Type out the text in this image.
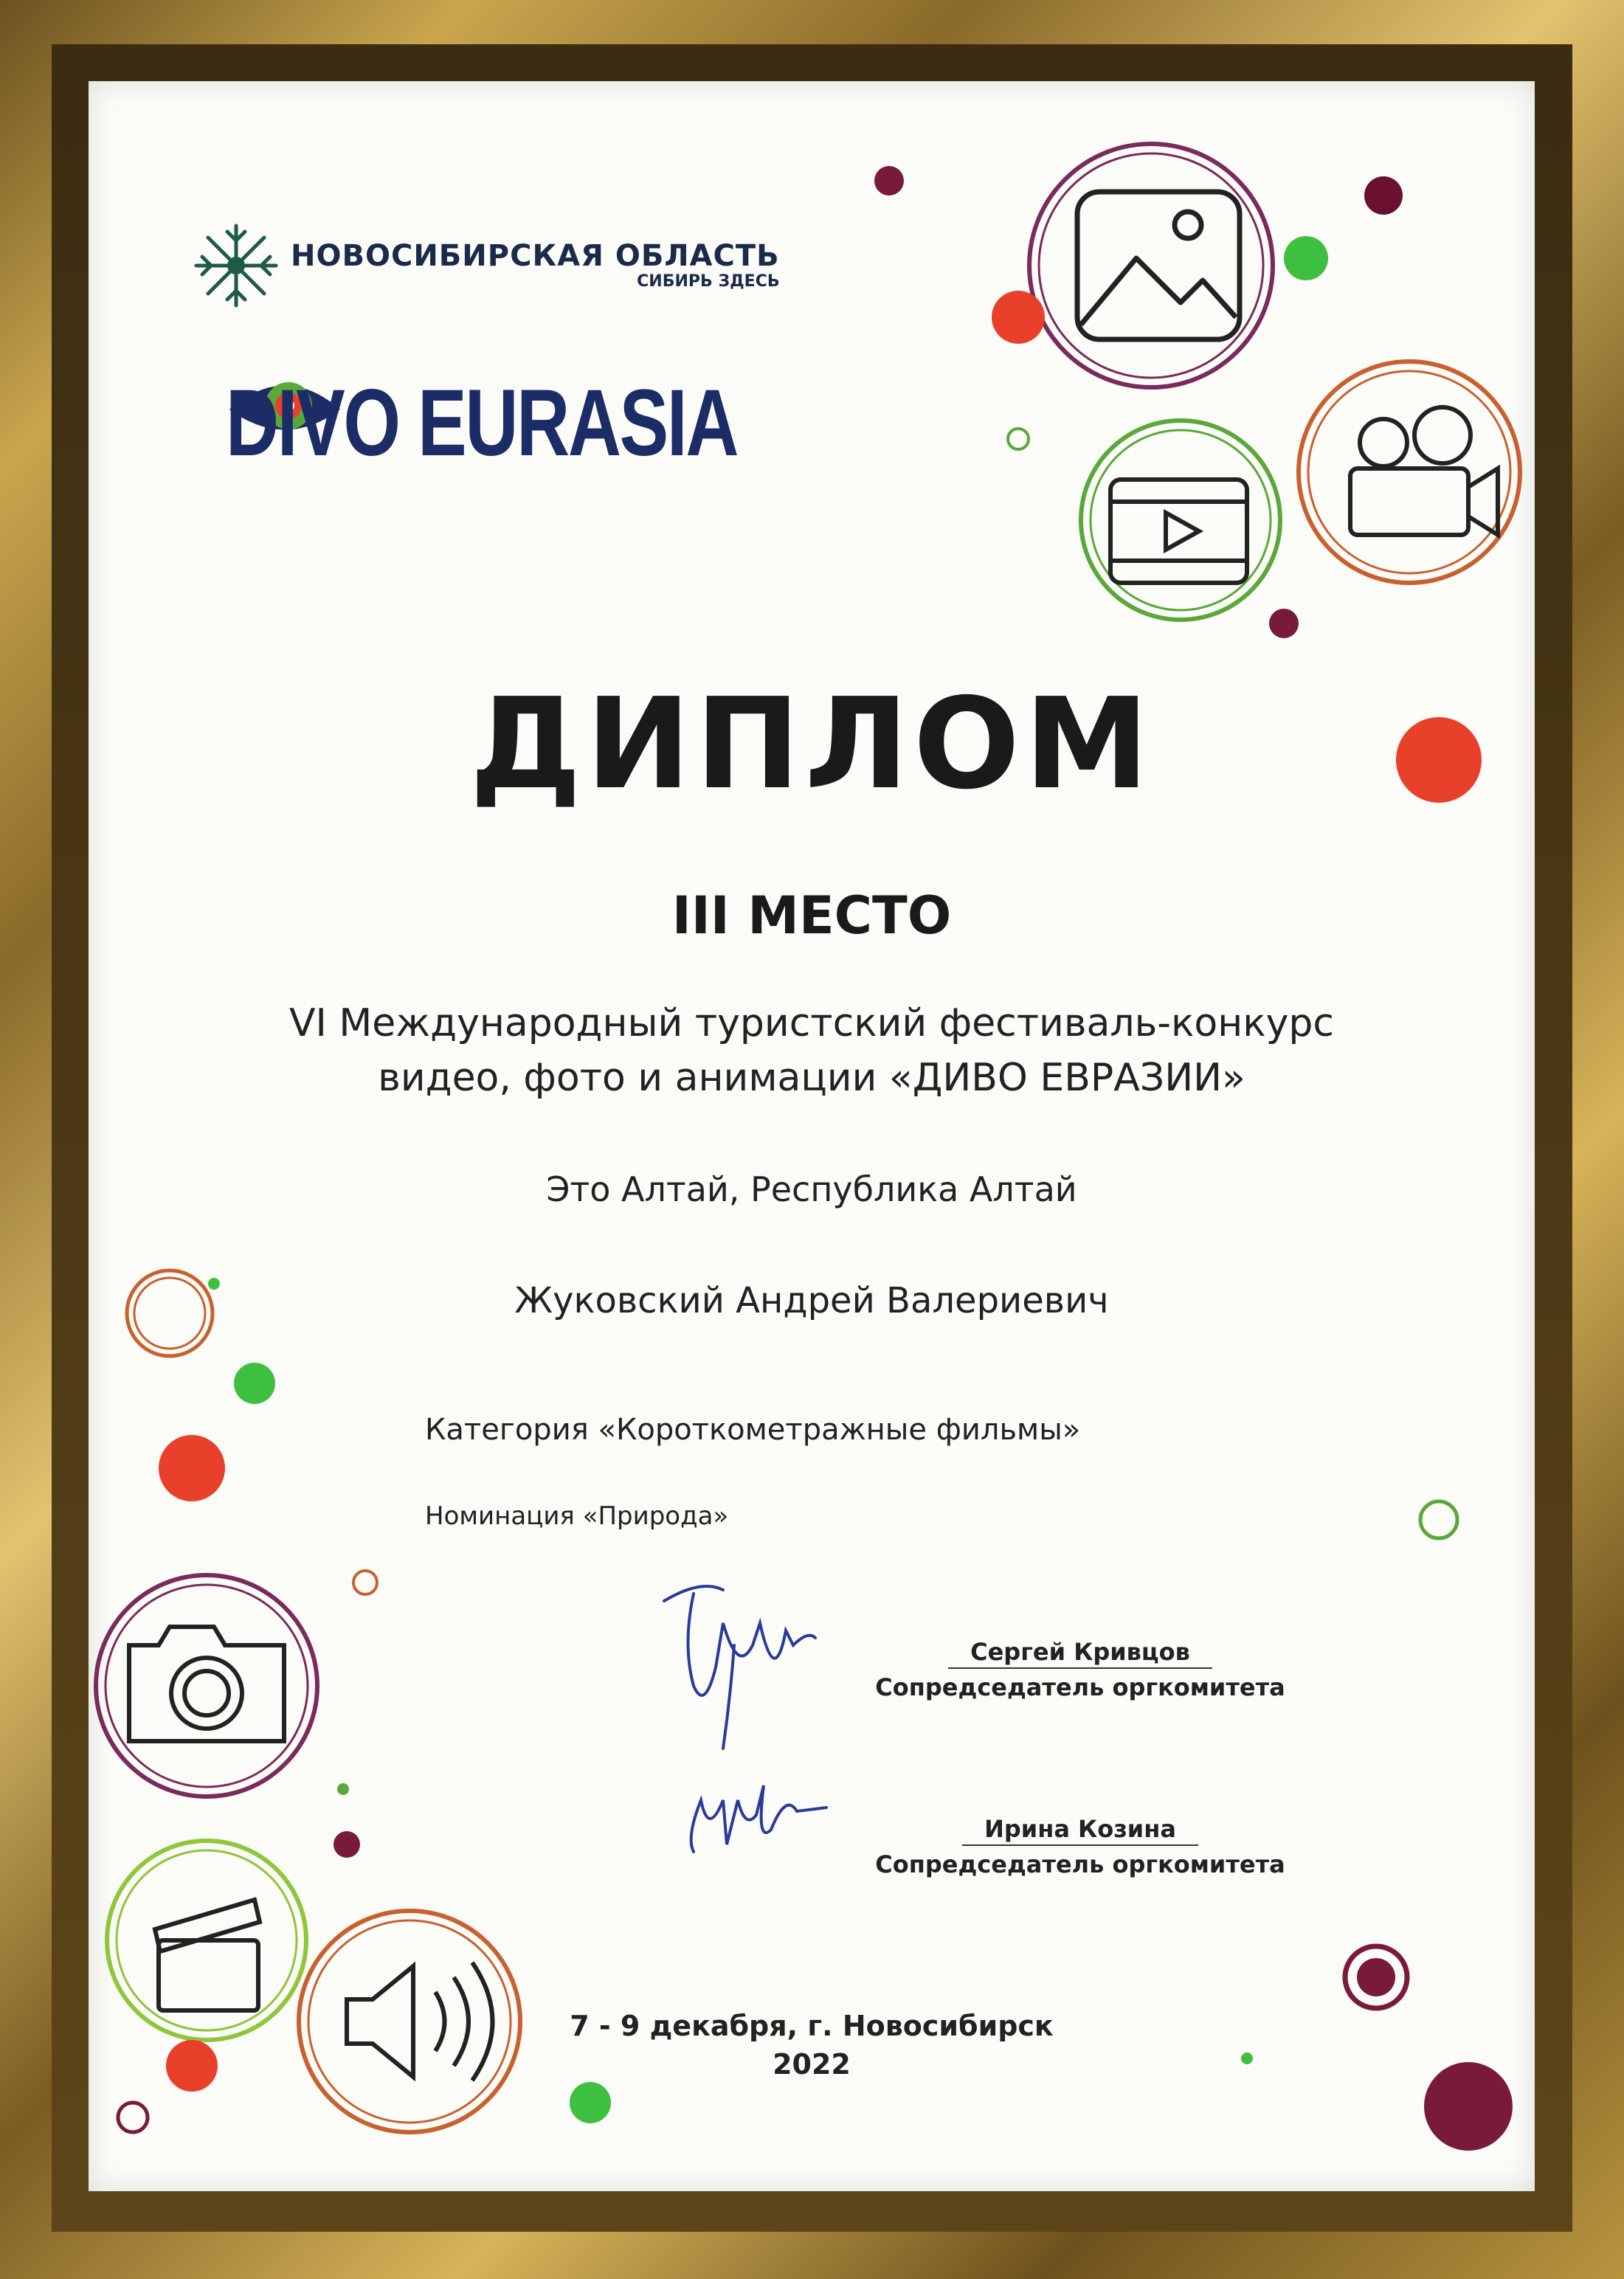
НОВОСИБИРСКАЯ ОБЛАСТЬ
СИБИРЬ ЗДЕСЬ
DIVO EURASIA
ДИПЛОМ
III МЕСТО
VI Международный туристский фестиваль-конкурс
видео, фото и анимации «ДИВО ЕВРАЗИИ»
Это Алтай, Республика Алтай
Жуковский Андрей Валериевич
Категория «Короткометражные фильмы»
Номинация «Природа»
Сергей Кривцов
Сопредседатель оргкомитета
Ирина Козина
Сопредседатель оргкомитета
7 - 9 декабря, г. Новосибирск
2022
